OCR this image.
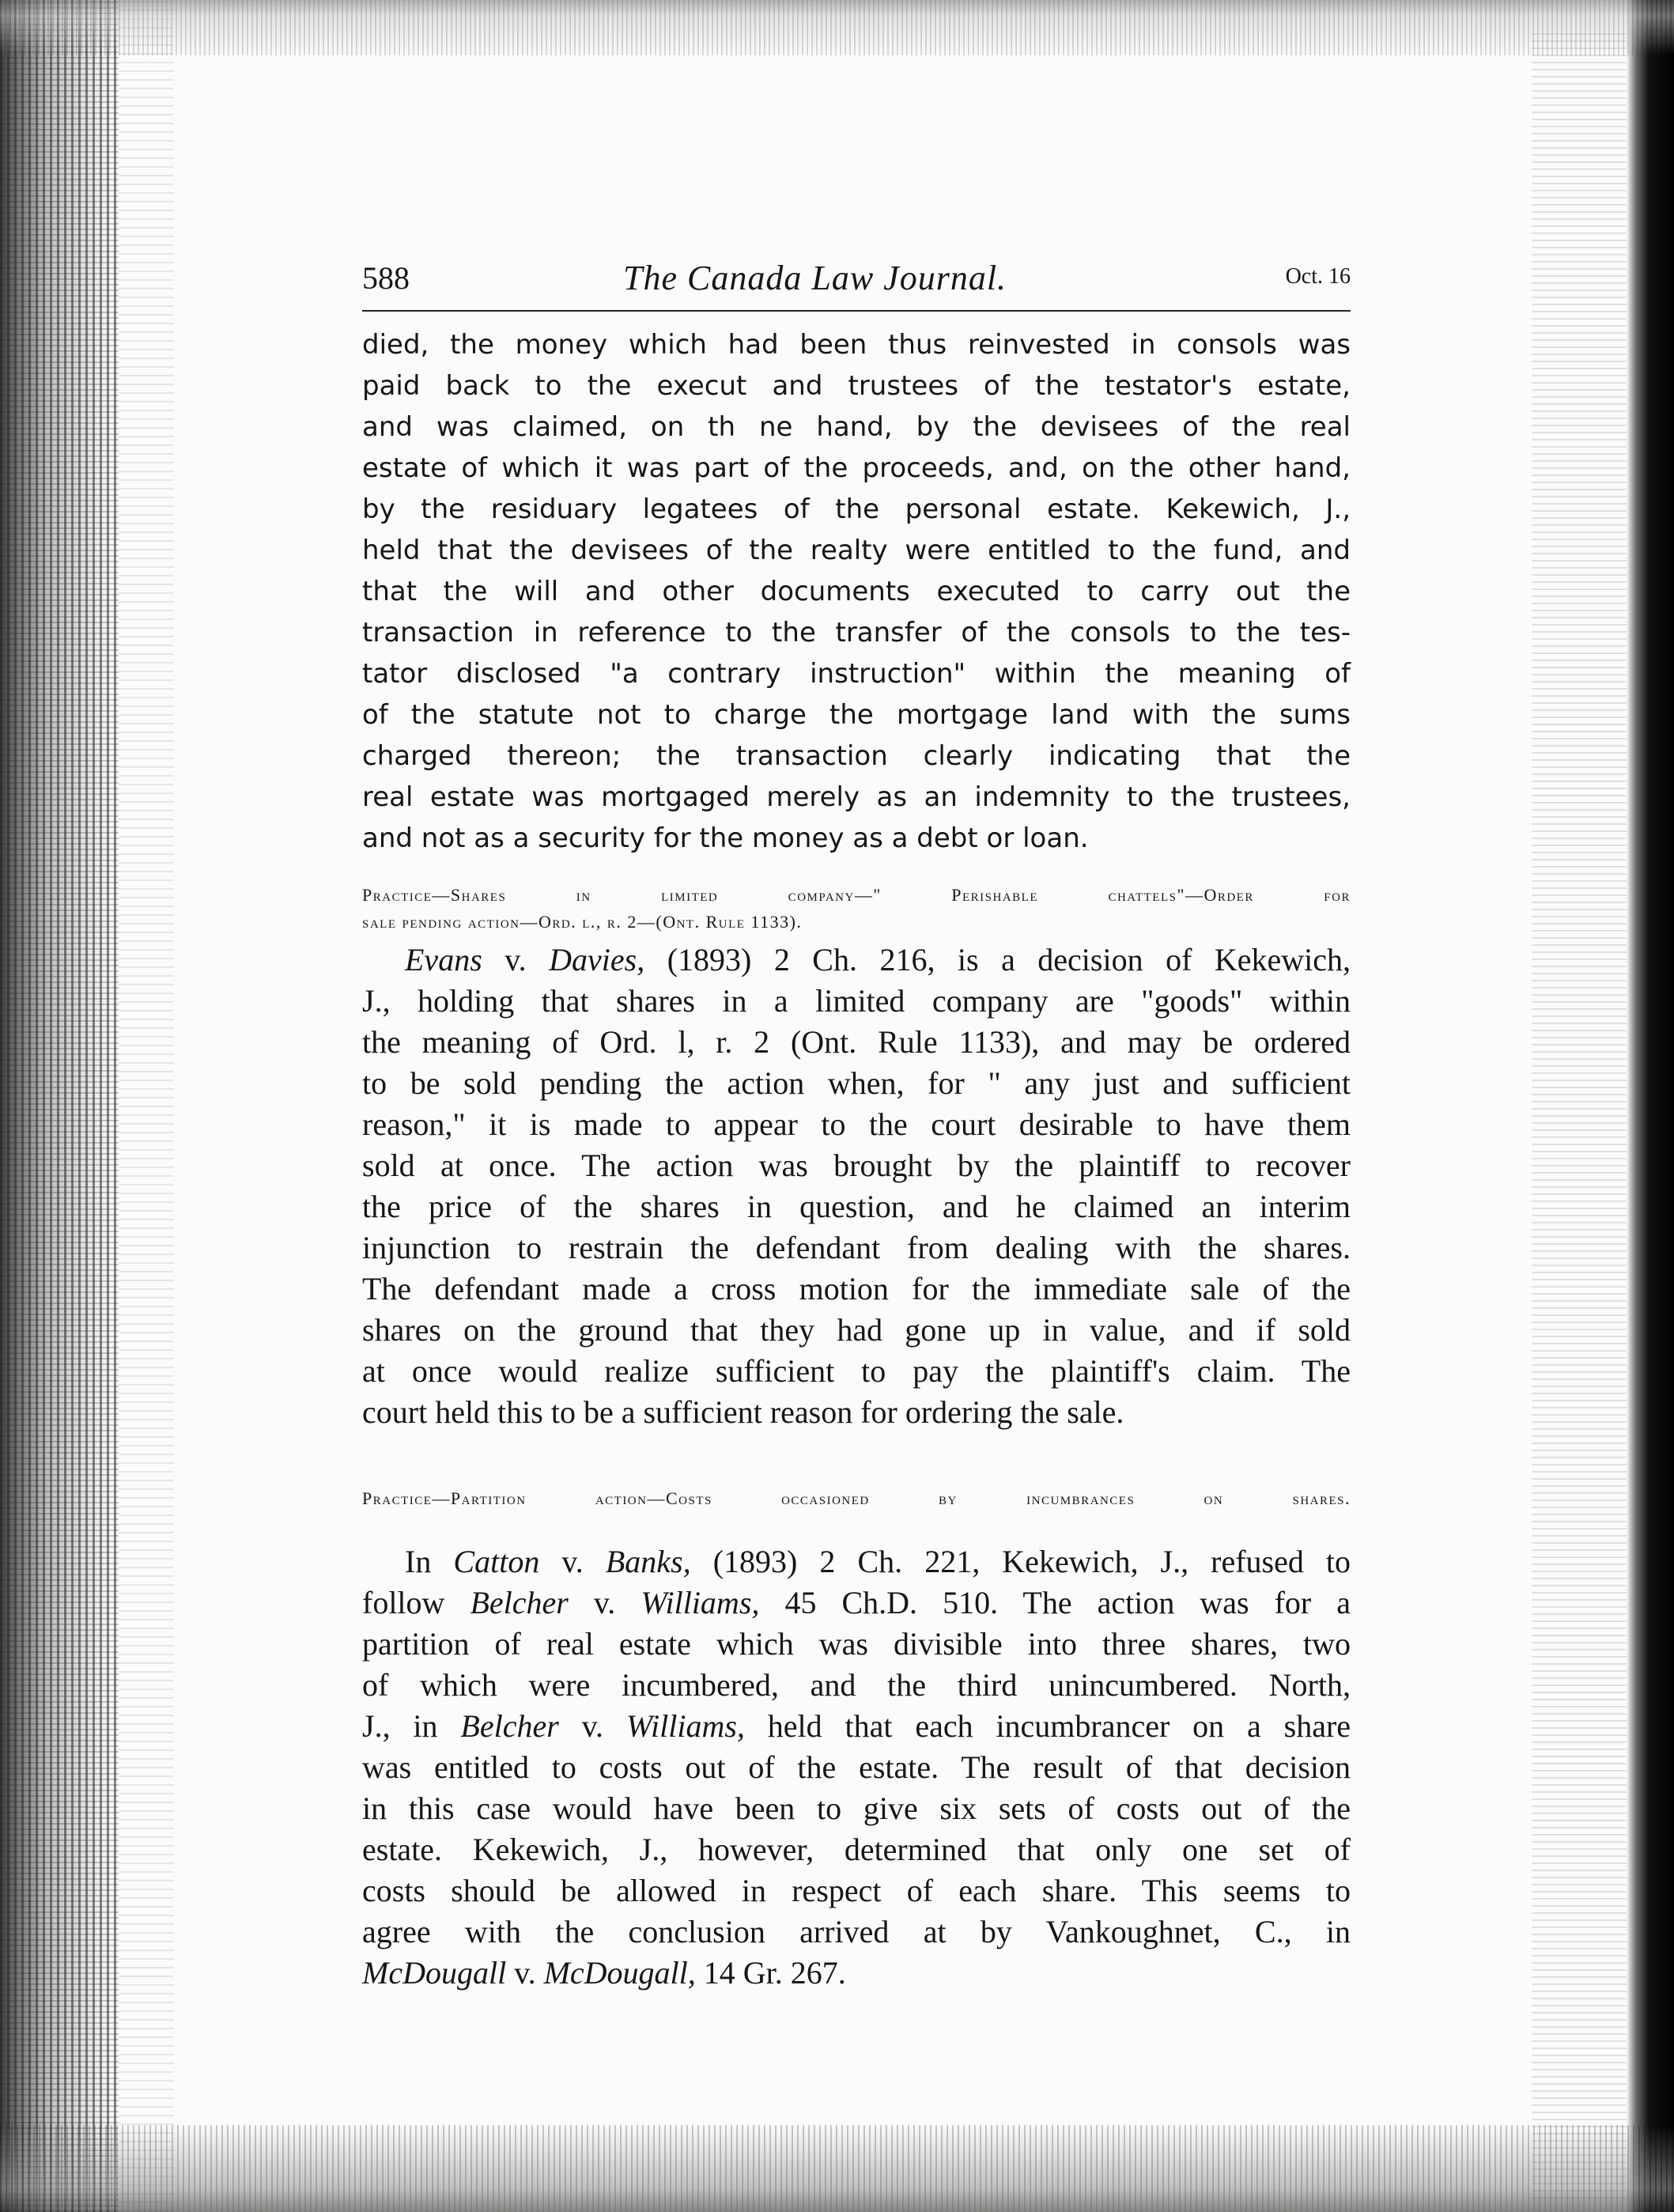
588	The Canada Law Journal.	Oct. 16
died, the money which had been thus reinvested in consols was
paid back to the execut and trustees of the testator's estate,
and was claimed, on th ne hand, by the devisees of the real
estate of which it was part of the proceeds, and, on the other hand,
by the residuary legatees of the personal estate. Kekewich, J.,
held that the devisees of the realty were entitled to the fund, and
that the will and other documents executed to carry out the
transaction in reference to the transfer of the consols to the tes-
tator disclosed "a contrary instruction" within the meaning of
of the statute not to charge the mortgage land with the sums
charged thereon; the transaction clearly indicating that the
real estate was mortgaged merely as an indemnity to the trustees,
and not as a security for the money as a debt or loan.
Practice—Shares in limited company—" Perishable chattels"—Order for
sale pending action—Ord. l., r. 2—(Ont. Rule 1133).
Evans v. Davies, (1893) 2 Ch. 216, is a decision of Kekewich,
J., holding that shares in a limited company are "goods" within
the meaning of Ord. l, r. 2 (Ont. Rule 1133), and may be ordered
to be sold pending the action when, for " any just and sufficient
reason," it is made to appear to the court desirable to have them
sold at once. The action was brought by the plaintiff to recover
the price of the shares in question, and he claimed an interim
injunction to restrain the defendant from dealing with the shares.
The defendant made a cross motion for the immediate sale of the
shares on the ground that they had gone up in value, and if sold
at once would realize sufficient to pay the plaintiff's claim. The
court held this to be a sufficient reason for ordering the sale.
Practice—Partition action—Costs occasioned by incumbrances on shares.
In Catton v. Banks, (1893) 2 Ch. 221, Kekewich, J., refused to
follow Belcher v. Williams, 45 Ch.D. 510. The action was for a
partition of real estate which was divisible into three shares, two
of which were incumbered, and the third unincumbered. North,
J., in Belcher v. Williams, held that each incumbrancer on a share
was entitled to costs out of the estate. The result of that decision
in this case would have been to give six sets of costs out of the
estate. Kekewich, J., however, determined that only one set of
costs should be allowed in respect of each share. This seems to
agree with the conclusion arrived at by Vankoughnet, C., in
McDougall v. McDougall, 14 Gr. 267.
